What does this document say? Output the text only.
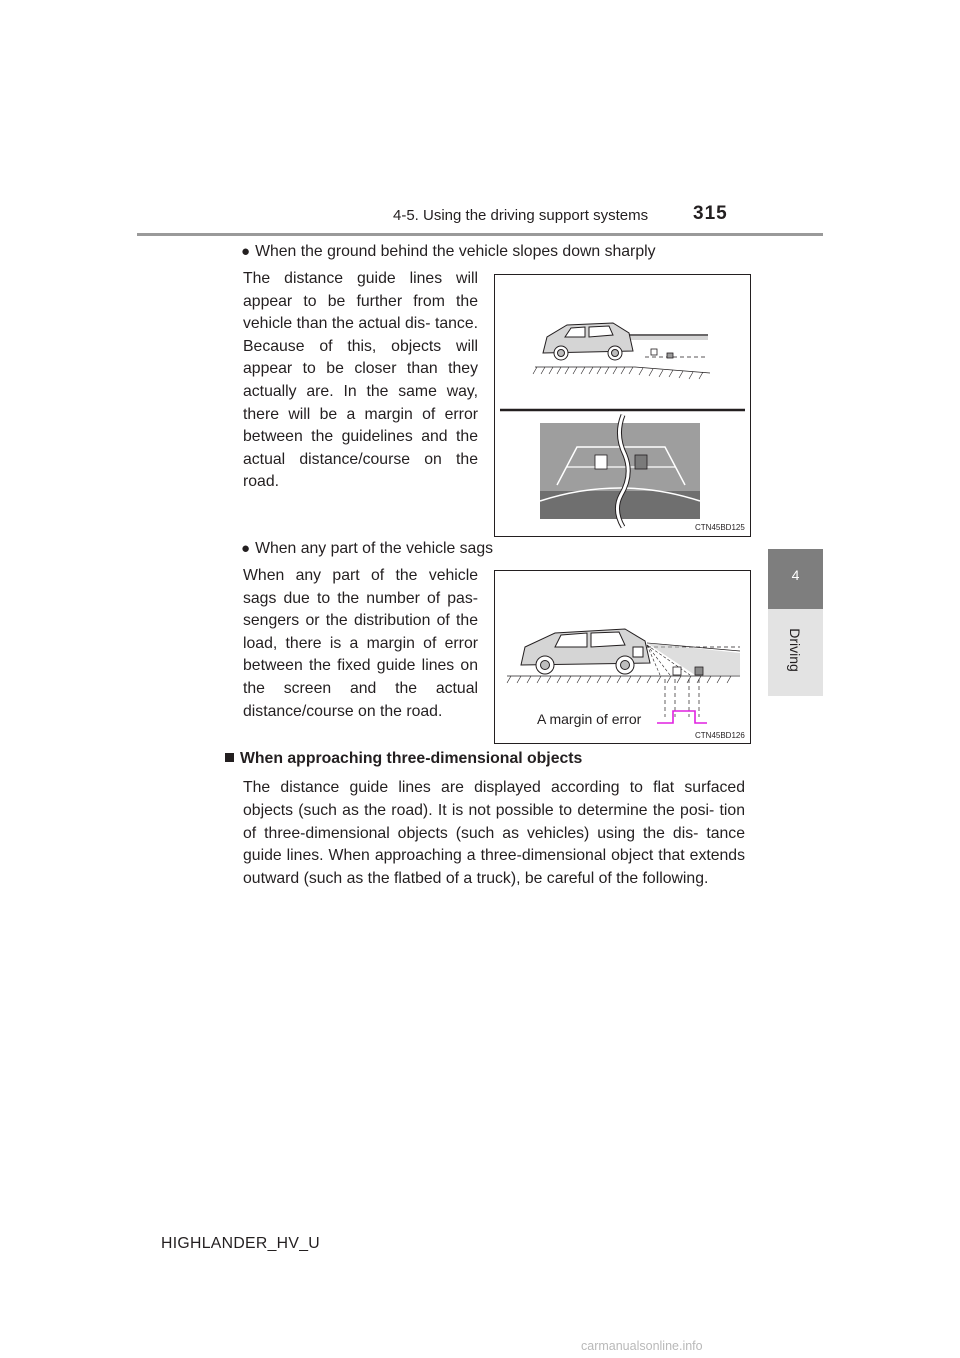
4-5. Using the driving support systems 315
4
Driving
● When the ground behind the vehicle slopes down sharply

The distance guide lines will appear to be further from the vehicle than the actual dis- tance. Because of this, objects will appear to be closer than they actually are. In the same way, there will be a margin of error between the guidelines and the actual distance/course on the road.

CTN45BD125
● When any part of the vehicle sags

When any part of the vehicle sags due to the number of pas- sengers or the distribution of the load, there is a margin of error between the fixed guide lines on the screen and the actual distance/course on the road.	A margin of error
CTN45BD126
When approaching three-dimensional objects

The distance guide lines are displayed according to flat surfaced objects (such as the road). It is not possible to determine the posi- tion of three-dimensional objects (such as vehicles) using the dis- tance guide lines. When approaching a three-dimensional object that extends outward (such as the flatbed of a truck), be careful of the following.

HIGHLANDER_HV_U
carmanualsonline.info
